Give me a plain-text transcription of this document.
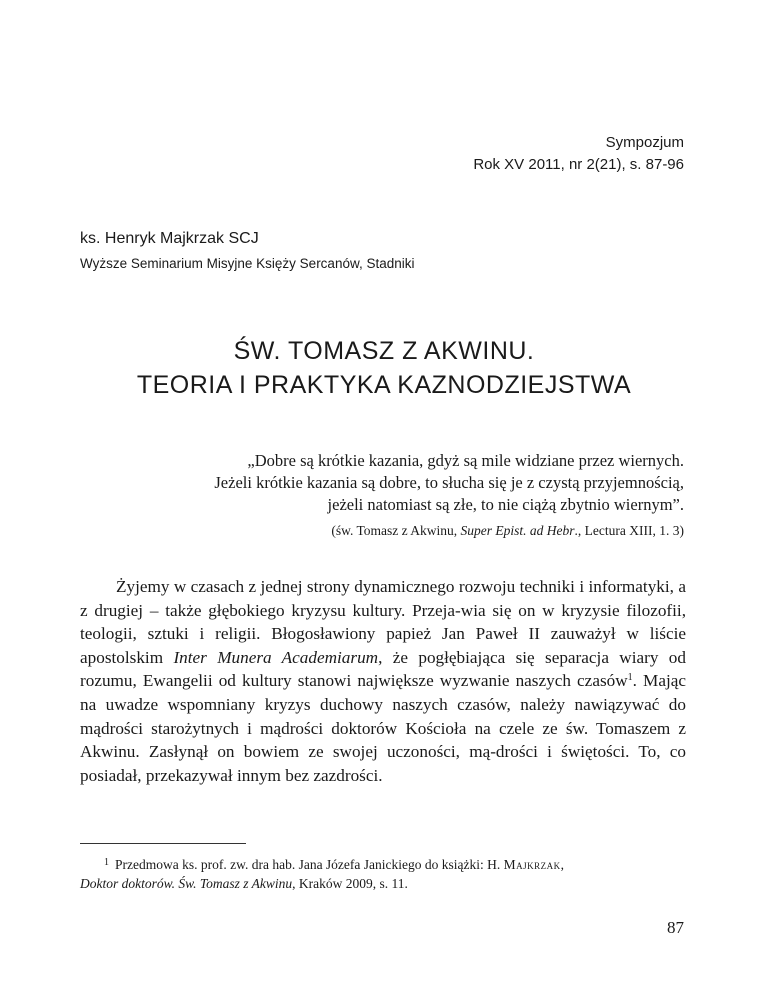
Sympozjum
Rok XV 2011, nr 2(21), s. 87-96
ks. Henryk Majkrzak SCJ
Wyższe Seminarium Misyjne Księży Sercanów, Stadniki
ŚW. TOMASZ Z AKWINU.
TEORIA I PRAKTYKA KAZNODZIEJSTWA
„Dobre są krótkie kazania, gdyż są mile widziane przez wiernych.
Jeżeli krótkie kazania są dobre, to słucha się je z czystą przyjemnością,
jeżeli natomiast są złe, to nie ciążą zbytnio wiernym”.
(św. Tomasz z Akwinu, Super Epist. ad Hebr., Lectura XIII, 1. 3)

Żyjemy w czasach z jednej strony dynamicznego rozwoju techniki i informatyki, a z drugiej – także głębokiego kryzysu kultury. Przeja-wia się on w kryzysie filozofii, teologii, sztuki i religii. Błogosławiony papież Jan Paweł II zauważył w liście apostolskim Inter Munera Academiarum, że pogłębiająca się separacja wiary od rozumu, Ewangelii od kultury stanowi największe wyzwanie naszych czasów$^1$. Mając na uwadze wspomniany kryzys duchowy naszych czasów, należy nawiązywać do mądrości starożytnych i mądrości doktorów Kościoła na czele ze św. Tomaszem z Akwinu. Zasłynął on bowiem ze swojej uczoności, mą-drości i świętości. To, co posiadał, przekazywał innym bez zazdrości.

$^1$ Przedmowa ks. prof. zw. dra hab. Jana Józefa Janickiego do książki: H. Majkrzak,
Doktor doktorów. Św. Tomasz z Akwinu, Kraków 2009, s. 11.
87
